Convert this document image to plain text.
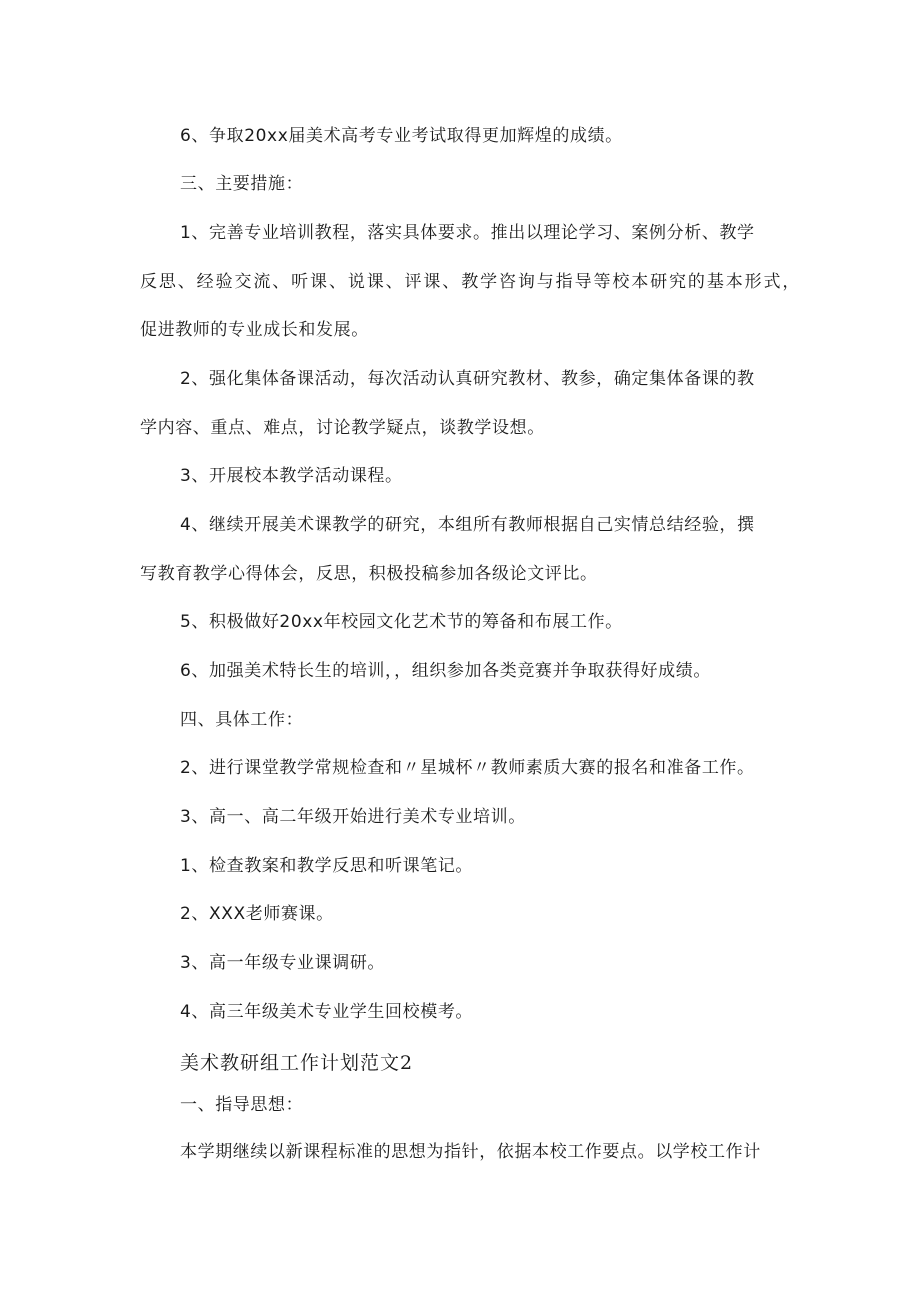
6、争取20xx届美术高考专业考试取得更加辉煌的成绩。
三、主要措施：
1、完善专业培训教程，落实具体要求。推出以理论学习、案例分析、教学
反思、经验交流、听课、说课、评课、教学咨询与指导等校本研究的基本形式，
促进教师的专业成长和发展。
2、强化集体备课活动，每次活动认真研究教材、教参，确定集体备课的教
学内容、重点、难点，讨论教学疑点，谈教学设想。
3、开展校本教学活动课程。
4、继续开展美术课教学的研究，本组所有教师根据自己实情总结经验，撰
写教育教学心得体会，反思，积极投稿参加各级论文评比。
5、积极做好20xx年校园文化艺术节的筹备和布展工作。
6、加强美术特长生的培训，，组织参加各类竞赛并争取获得好成绩。
四、具体工作：
2、进行课堂教学常规检查和〃星城杯〃教师素质大赛的报名和准备工作。
3、高一、高二年级开始进行美术专业培训。
1、检查教案和教学反思和听课笔记。
2、XXX老师赛课。
3、高一年级专业课调研。
4、高三年级美术专业学生回校模考。
美术教研组工作计划范文2
一、指导思想：
本学期继续以新课程标准的思想为指针，依据本校工作要点。以学校工作计
